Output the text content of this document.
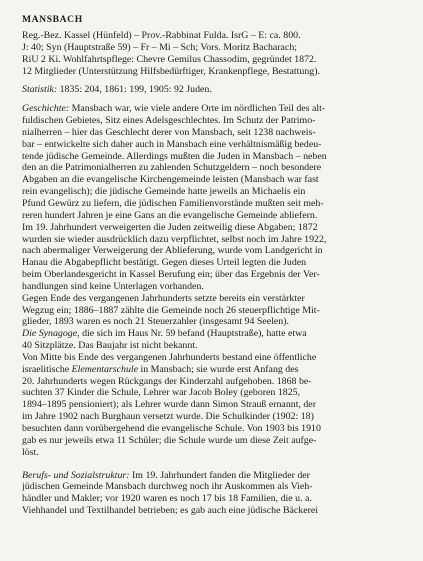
MANSBACH
Reg.-Bez. Kassel (Hünfeld) – Prov.-Rabbinat Fulda. IsrG – E: ca. 800.
J: 40; Syn (Hauptstraße 59) – Fr – Mi – Sch; Vors. Moritz Bacharach;
RiU 2 Ki. Wohlfahrtspflege: Chevre Gemilus Chassodim, gegründet 1872.
12 Mitglieder (Unterstützung Hilfsbedürftiger, Krankenpflege, Bestattung).
Statistik: 1835: 204, 1861: 199, 1905: 92 Juden.
Geschichte: Mansbach war, wie viele andere Orte im nördlichen Teil des alt-
fuldischen Gebietes, Sitz eines Adelsgeschlechtes. Im Schutz der Patrimo-
nialherren – hier das Geschlecht derer von Mansbach, seit 1238 nachweis-
bar – entwickelte sich daher auch in Mansbach eine verhältnismäßig bedeu-
tende jüdische Gemeinde. Allerdings mußten die Juden in Mansbach – neben
den an die Patrimonialherren zu zahlenden Schutzgeldern – noch besondere
Abgaben an die evangelische Kirchengemeinde leisten (Mansbach war fast
rein evangelisch); die jüdische Gemeinde hatte jeweils an Michaelis ein
Pfund Gewürz zu liefern, die jüdischen Familienvorstände mußten seit meh-
reren hundert Jahren je eine Gans an die evangelische Gemeinde abliefern.
Im 19. Jahrhundert verweigerten die Juden zeitweilig diese Abgaben; 1872
wurden sie wieder ausdrücklich dazu verpflichtet, selbst noch im Jahre 1922,
nach abermaliger Verweigerung der Ablieferung, wurde vom Landgericht in
Hanau die Abgabepflicht bestätigt. Gegen dieses Urteil legten die Juden
beim Oberlandesgericht in Kassel Berufung ein; über das Ergebnis der Ver-
handlungen sind keine Unterlagen vorhanden.
Gegen Ende des vergangenen Jahrhunderts setzte bereits ein verstärkter
Wegzug ein; 1886–1887 zählte die Gemeinde noch 26 steuerpflichtige Mit-
glieder, 1893 waren es noch 21 Steuerzahler (insgesamt 94 Seelen).
Die Synagoge, die sich im Haus Nr. 59 befand (Hauptstraße), hatte etwa
40 Sitzplätze. Das Baujahr ist nicht bekannt.
Von Mitte bis Ende des vergangenen Jahrhunderts bestand eine öffentliche
israelitische Elementarschule in Mansbach; sie wurde erst Anfang des
20. Jahrhunderts wegen Rückgangs der Kinderzahl aufgehoben. 1868 be-
suchten 37 Kinder die Schule, Lehrer war Jacob Boley (geboren 1825,
1894–1895 pensioniert); als Lehrer wurde dann Simon Strauß ernannt, der
im Jahre 1902 nach Burghaun versetzt wurde. Die Schulkinder (1902: 18)
besuchten dann vorübergehend die evangelische Schule. Von 1903 bis 1910
gab es nur jeweils etwa 11 Schüler; die Schule wurde um diese Zeit aufge-
löst.
Berufs- und Sozialstruktur: Im 19. Jahrhundert fanden die Mitglieder der
jüdischen Gemeinde Mansbach durchweg noch ihr Auskommen als Vieh-
händler und Makler; vor 1920 waren es noch 17 bis 18 Familien, die u. a.
Viehhandel und Textilhandel betrieben; es gab auch eine jüdische Bäckerei
